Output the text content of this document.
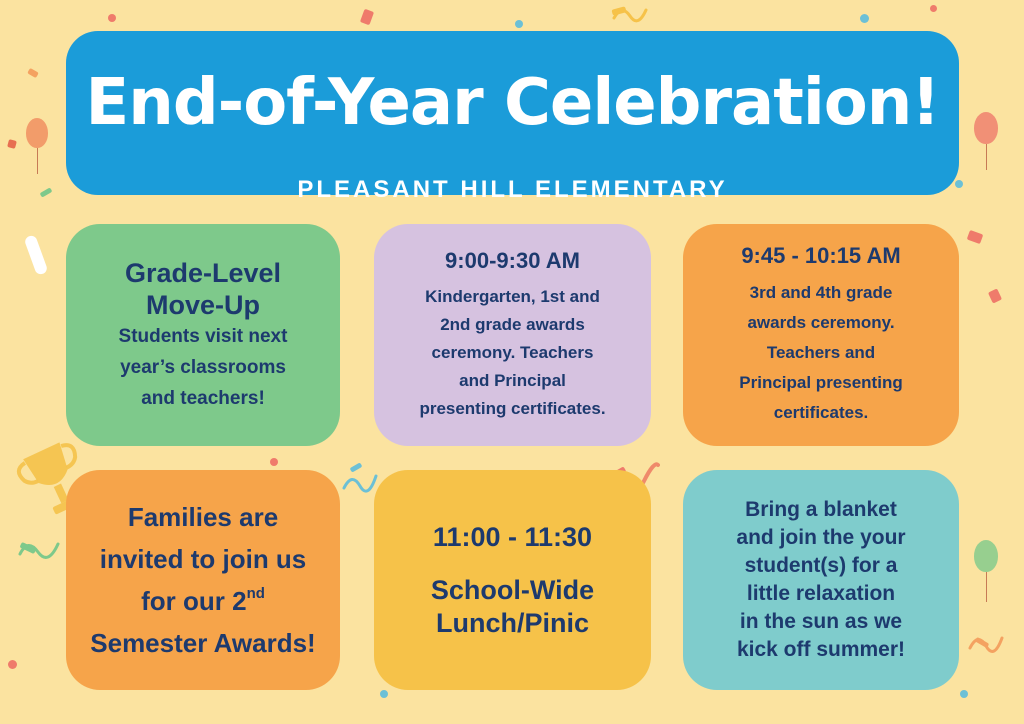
End-of-Year Celebration!
PLEASANT HILL ELEMENTARY
Grade-Level
Move-Up
Students visit next
year’s classrooms
and teachers!
9:00-9:30 AM
Kindergarten, 1st and
2nd grade awards
ceremony. Teachers
and Principal
presenting certificates.
9:45 - 10:15 AM
3rd and 4th grade
awards ceremony.
Teachers and
Principal presenting
certificates.
Families are
invited to join us
for our 2nd
Semester Awards!
11:00 - 11:30
School-Wide
Lunch/Pinic
Bring a blanket
and join the your
student(s) for a
little relaxation
in the sun as we
kick off summer!
